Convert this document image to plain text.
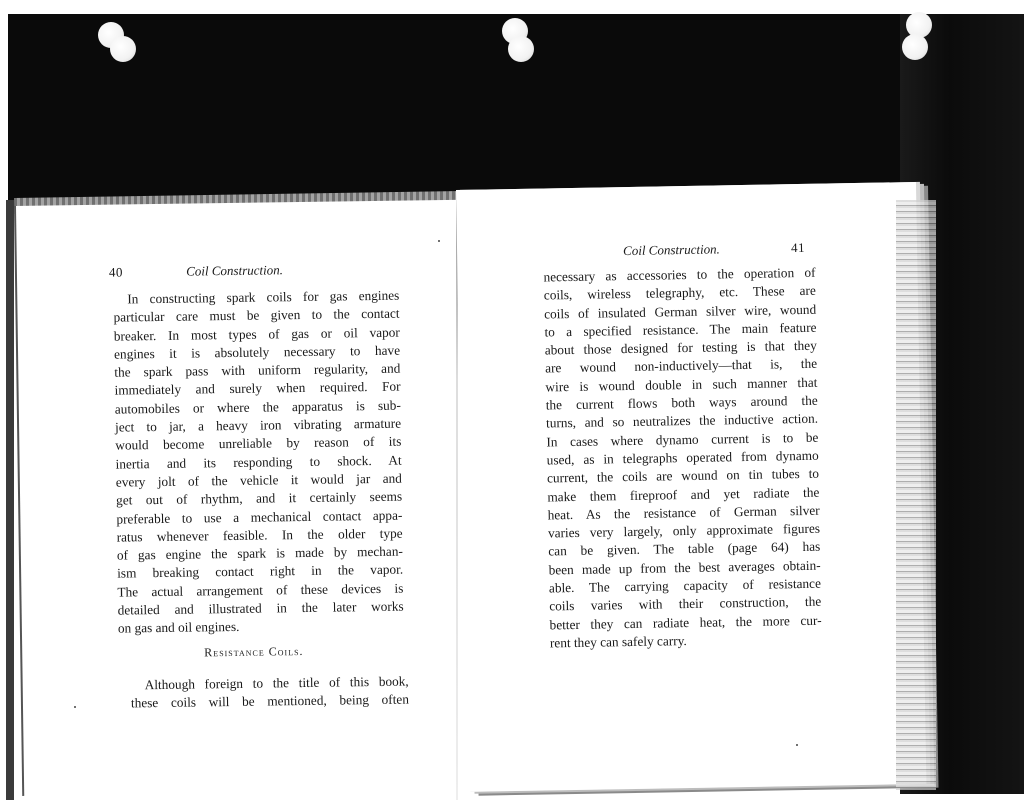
40	Coil Construction.
In constructing spark coils for gas engines
particular care must be given to the contact
breaker. In most types of gas or oil vapor
engines it is absolutely necessary to have
the spark pass with uniform regularity, and
immediately and surely when required. For
automobiles or where the apparatus is sub-
ject to jar, a heavy iron vibrating armature
would become unreliable by reason of its
inertia and its responding to shock. At
every jolt of the vehicle it would jar and
get out of rhythm, and it certainly seems
preferable to use a mechanical contact appa-
ratus whenever feasible. In the older type
of gas engine the spark is made by mechan-
ism breaking contact right in the vapor.
The actual arrangement of these devices is
detailed and illustrated in the later works
on gas and oil engines.
Resistance Coils.
Although foreign to the title of this book,
these coils will be mentioned, being often
Coil Construction.	41
necessary as accessories to the operation of
coils, wireless telegraphy, etc. These are
coils of insulated German silver wire, wound
to a specified resistance. The main feature
about those designed for testing is that they
are wound non-inductively—that is, the
wire is wound double in such manner that
the current flows both ways around the
turns, and so neutralizes the inductive action.
In cases where dynamo current is to be
used, as in telegraphs operated from dynamo
current, the coils are wound on tin tubes to
make them fireproof and yet radiate the
heat. As the resistance of German silver
varies very largely, only approximate figures
can be given. The table (page 64) has
been made up from the best averages obtain-
able. The carrying capacity of resistance
coils varies with their construction, the
better they can radiate heat, the more cur-
rent they can safely carry.
